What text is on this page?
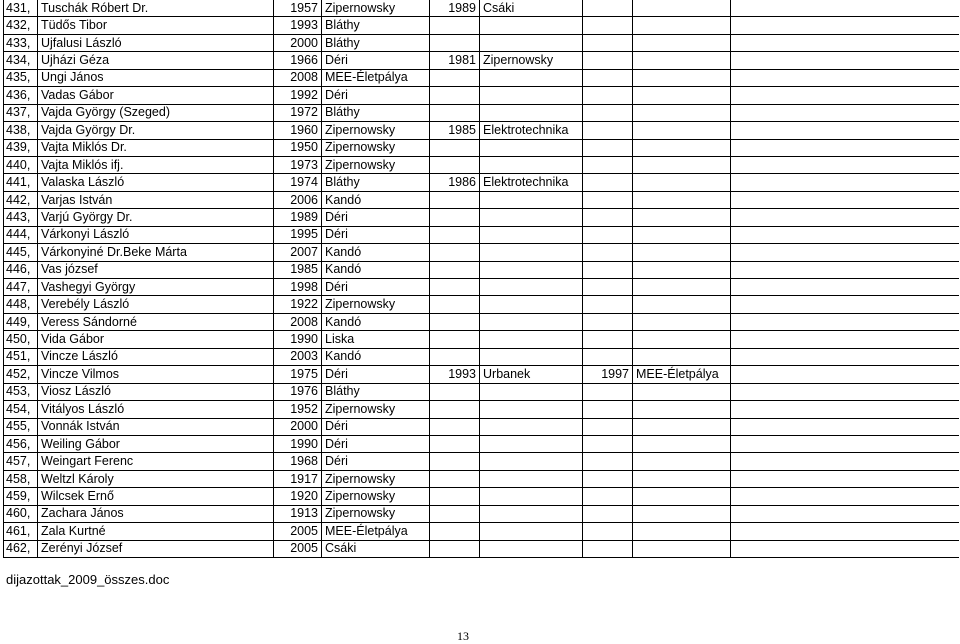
431,	Tuschák Róbert Dr.	1957	Zipernowsky	1989	Csáki			
432,	Tüdős Tibor	1993	Bláthy					
433,	Ujfalusi László	2000	Bláthy					
434,	Ujházi Géza	1966	Déri	1981	Zipernowsky			
435,	Ungi János	2008	MEE-Életpálya					
436,	Vadas Gábor	1992	Déri					
437,	Vajda György (Szeged)	1972	Bláthy					
438,	Vajda György Dr.	1960	Zipernowsky	1985	Elektrotechnika			
439,	Vajta Miklós Dr.	1950	Zipernowsky					
440,	Vajta Miklós ifj.	1973	Zipernowsky					
441,	Valaska László	1974	Bláthy	1986	Elektrotechnika			
442,	Varjas István	2006	Kandó					
443,	Varjú György Dr.	1989	Déri					
444,	Várkonyi László	1995	Déri					
445,	Várkonyiné Dr.Beke Márta	2007	Kandó					
446,	Vas józsef	1985	Kandó					
447,	Vashegyi György	1998	Déri					
448,	Verebély László	1922	Zipernowsky					
449,	Veress Sándorné	2008	Kandó					
450,	Vida Gábor	1990	Liska					
451,	Vincze László	2003	Kandó					
452,	Vincze Vilmos	1975	Déri	1993	Urbanek	1997	MEE-Életpálya	
453,	Viosz László	1976	Bláthy					
454,	Vitályos László	1952	Zipernowsky					
455,	Vonnák István	2000	Déri					
456,	Weiling Gábor	1990	Déri					
457,	Weingart Ferenc	1968	Déri					
458,	Weltzl Károly	1917	Zipernowsky					
459,	Wilcsek Ernő	1920	Zipernowsky					
460,	Zachara János	1913	Zipernowsky					
461,	Zala Kurtné	2005	MEE-Életpálya					
462,	Zerényi József	2005	Csáki					
dijazottak_2009_összes.doc
13
